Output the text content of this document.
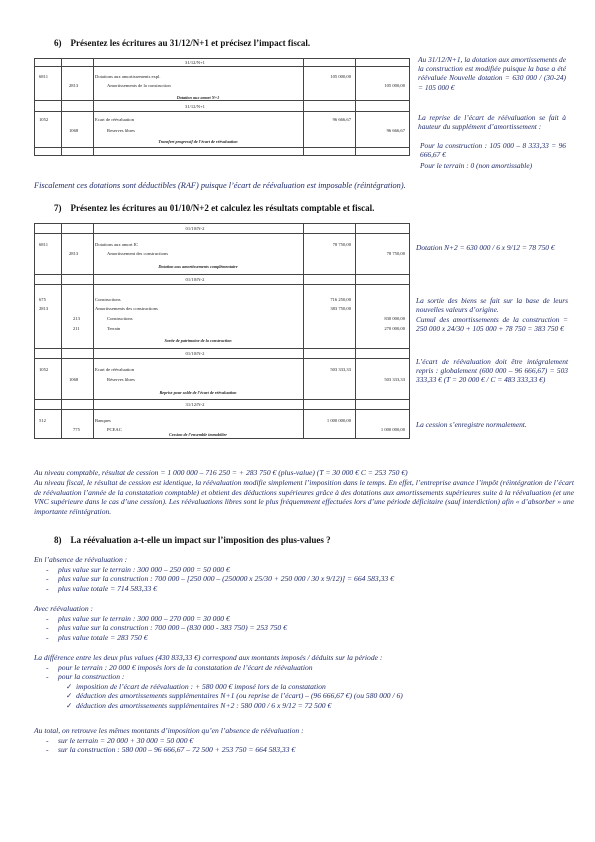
6)    Présentez les écritures au 31/12/N+1 et précisez l’impact fiscal.
31/12/N+1
6811
2813
Dotations aux amortissements expl.
Amortissements de la construction
105 000,00
105 000,00
Dotation aux amort N+1
31/12/N+1
1052
1068
Ecart de réévaluation
Reserves libres
96 666,67
96 666,67
Transfert progressif de l’écart de réévaluation
Au 31/12/N+1, la dotation aux amortissements de la construction est modifiée puisque la base a été réévaluée Nouvelle dotation = 630 000 / (30-24) = 105 000 €
La reprise de l’écart de réévaluation se fait à hauteur du supplément d’amortissement :
Pour la construction : 105 000 – 8 333,33 = 96 666,67 €
Pour le terrain : 0 (non amortissable)
Fiscalement ces dotations sont déductibles (RAF) puisque l’écart de réévaluation est imposable (réintégration).
7)    Présentez les écritures au 01/10/N+2 et calculez les résultats comptable et fiscal.
01/10/N-2
6811
2813
Dotations aux amort IC
Amortissement des constructions
78 750,00
78 750,00
Dotation aux amortissements complémentaire
01/10/N-2
675
2813
213
211
Constructions
Amortissements des constructions
Constructions
Terrain
716 250,00
383 750,00
830 000,00
270 000,00
Sortie de patrimoine de la construction
01/10/N-2
1052
1068
Ecart de réévaluation
Réserves libres
503 333,33
503 333,33
Reprise pour solde de l’écart de réévaluation
31/12/N-2
512
775
Banques
PCEAC
1 000 000,00
1 000 000,00
Cession de l’ensemble immobilier
Dotation N+2 = 630 000 / 6 x 9/12 = 78 750 €
La sortie des biens se fait sur la base de leurs nouvelles valeurs d’origine.
Cumul des amortissements de la construction = 250 000 x 24/30 + 105 000 + 78 750 = 383 750 €
L’écart de réévaluation doit être intégralement repris : globalement (600 000 – 96 666,67) = 503 333,33 € (T = 20 000 € / C = 483 333,33 €)
La cession s’enregistre normalement.
Au niveau comptable, résultat de cession = 1 000 000 – 716 250 = + 283 750 € (plus-value) (T = 30 000 € C = 253 750 €)
Au niveau fiscal, le résultat de cession est identique, la réévaluation modifie simplement l’imposition dans le temps. En effet, l’entreprise avance l’impôt (réintégration de l’écart de réévaluation l’année de la constatation comptable) et obtient des déductions supérieures grâce à des dotations aux amortissements supérieures suite à la réévaluation (et une VNC supérieure dans le cas d’une cession). Les réévaluations libres sont le plus fréquemment effectuées lors d’une période déficitaire (sauf interdiction) afin « d’absorber » une importante réintégration.
8)    La réévaluation a-t-elle un impact sur l’imposition des plus-values ?
En l’absence de réévaluation :
- plus value sur le terrain : 300 000 – 250 000 = 50 000 €
- plus value sur la construction : 700 000 – [250 000 – (250000 x 25/30 + 250 000 / 30 x 9/12)] = 664 583,33 €
- plus value totale = 714 583,33 €
Avec réévaluation :
- plus value sur le terrain : 300 000 – 270 000 = 30 000 €
- plus value sur la construction : 700 000 – (830 000 - 383 750) = 253 750 €
- plus value totale = 283 750 €
La différence entre les deux plus values (430 833,33 €) correspond aux montants imposés / déduits sur la période :
- pour le terrain : 20 000 € imposés lors de la constatation de l’écart de réévaluation
- pour la construction :
✓ imposition de l’écart de réévaluation : + 580 000 € imposé lors de la constatation
✓ déduction des amortissements supplémentaires N+1 (ou reprise de l’écart) – (96 666,67 €) (ou 580 000 / 6)
✓ déduction des amortissements supplémentaires N+2 : 580 000 / 6 x 9/12 = 72 500 €
Au total, on retrouve les mêmes montants d’imposition qu’en l’absence de réévaluation :
- sur le terrain = 20 000 + 30 000 = 50 000 €
- sur la construction : 580 000 – 96 666,67 – 72 500 + 253 750 = 664 583,33 €
